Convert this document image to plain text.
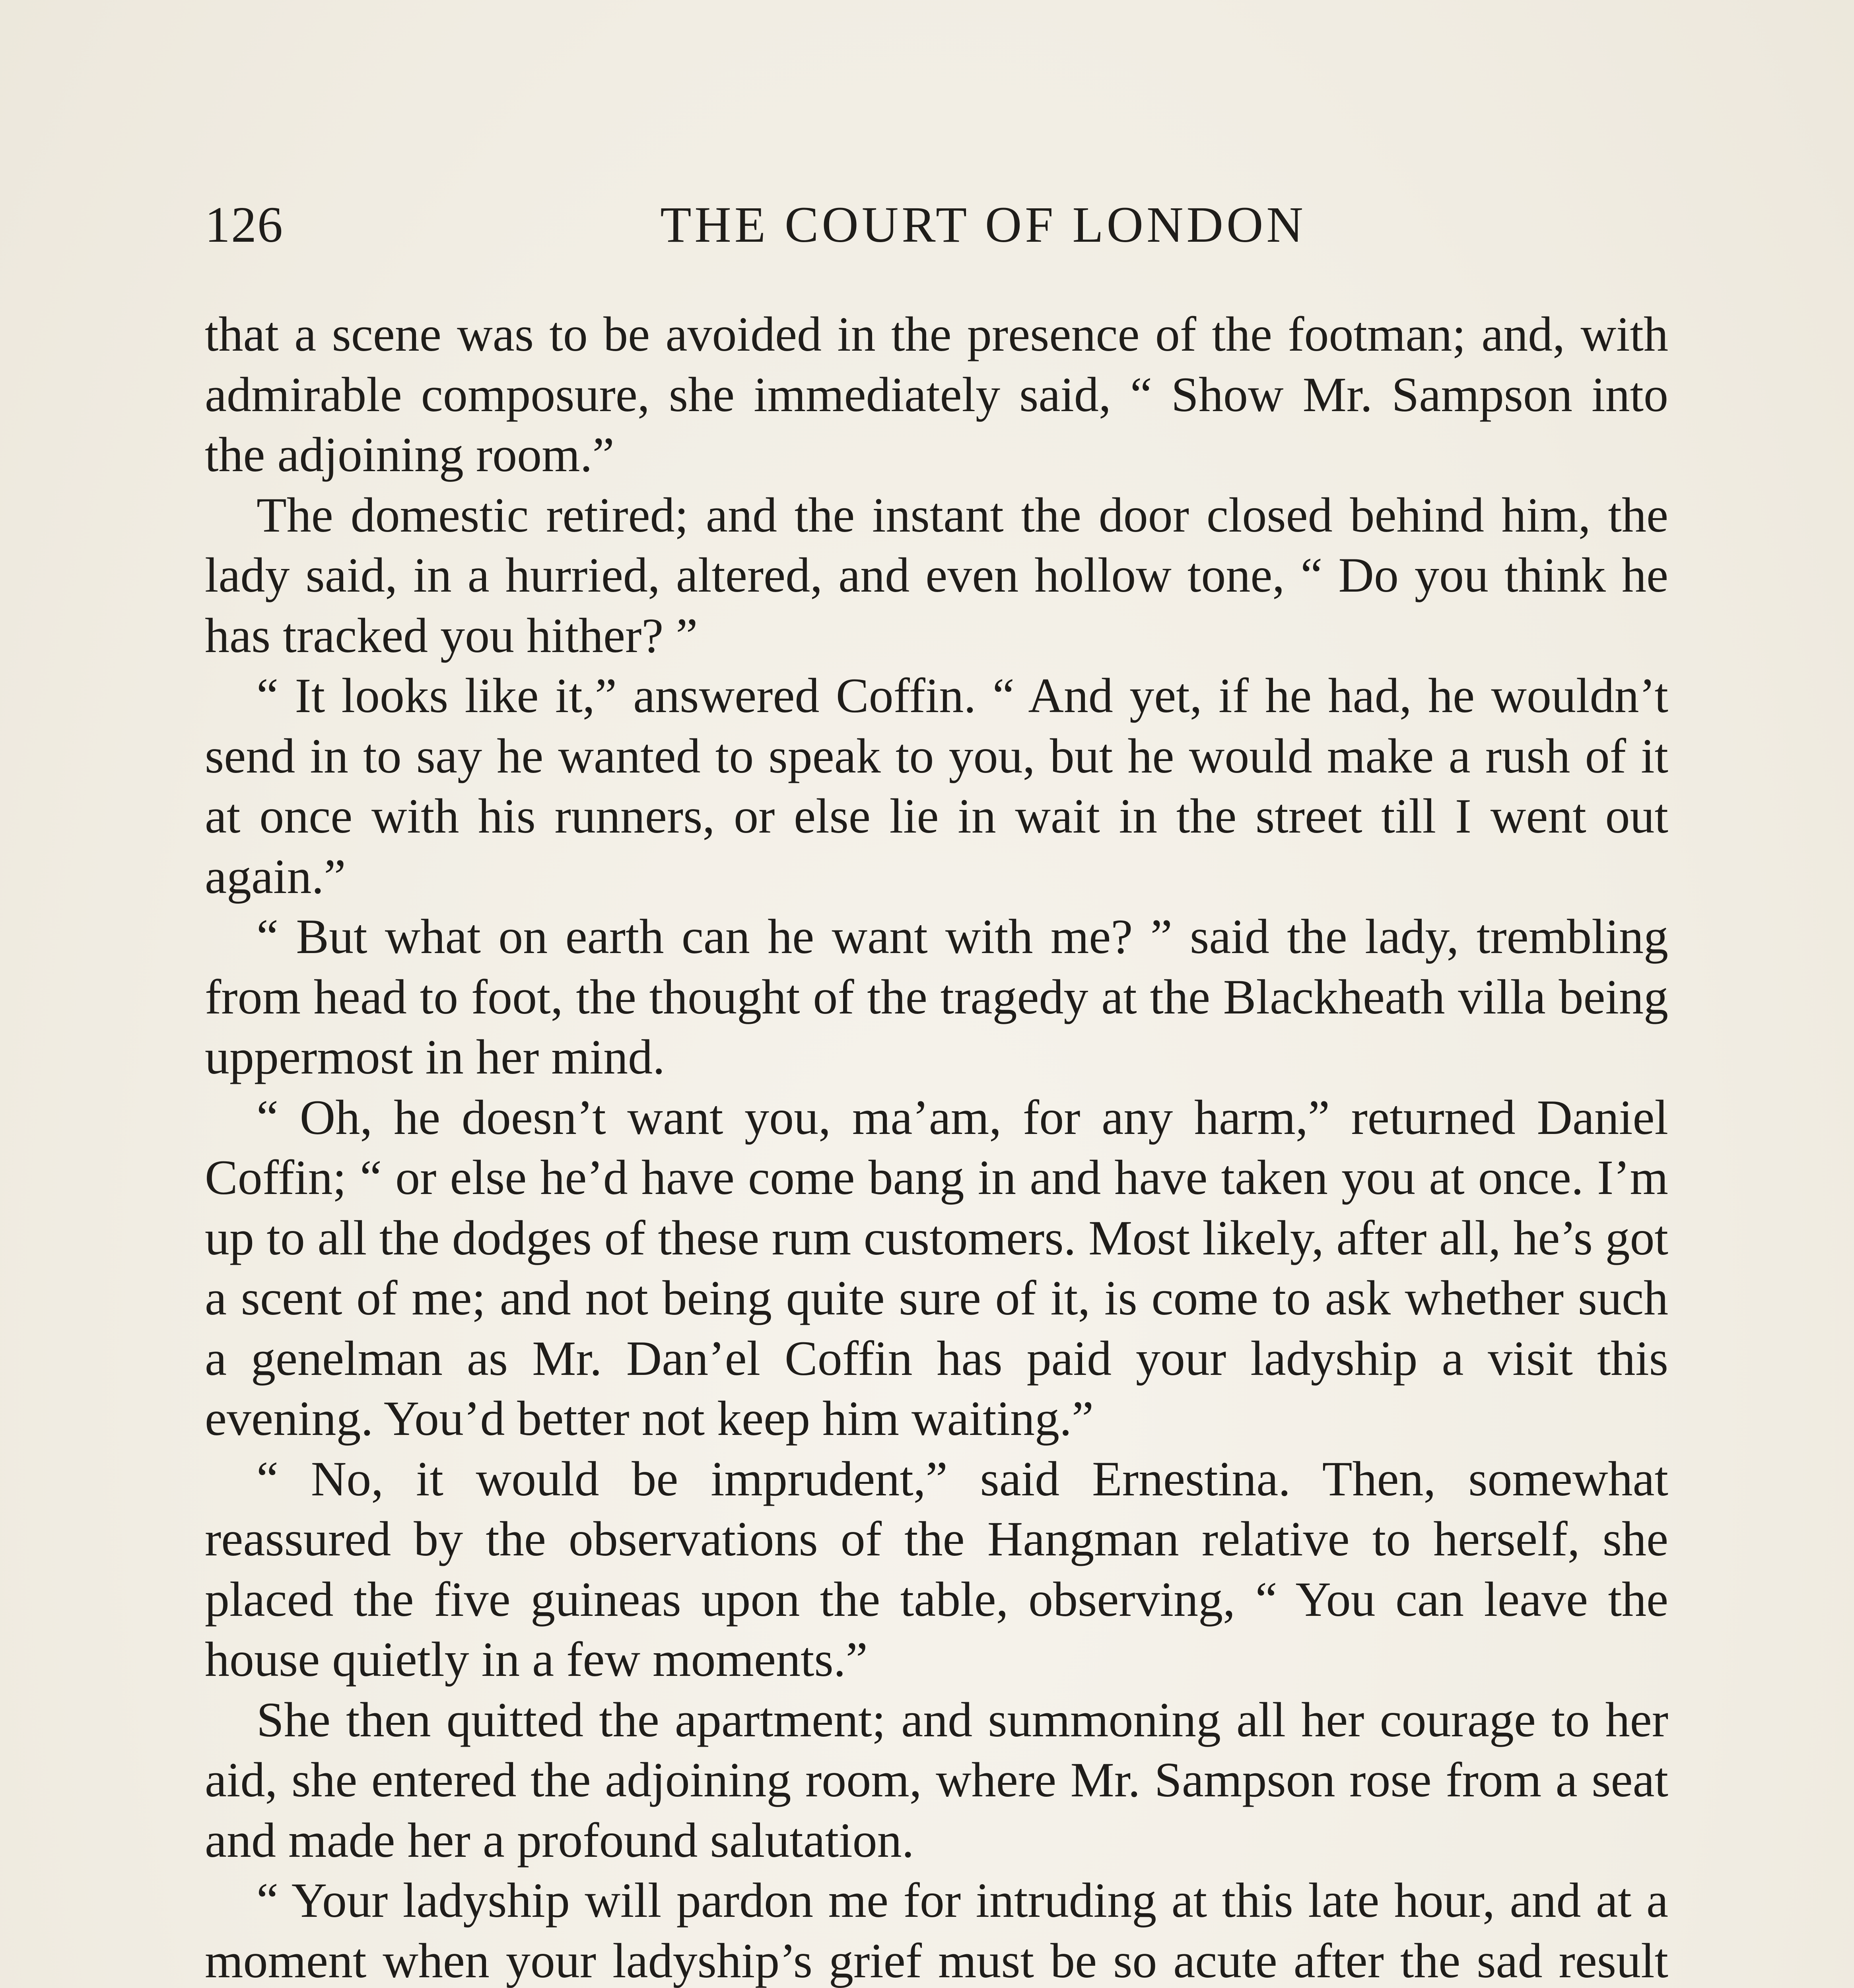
126	THE COURT OF LONDON

that a scene was to be avoided in the presence of the footman; and, with admirable composure, she immediately said, “ Show Mr. Sampson into the adjoining room.”

The domestic retired; and the instant the door closed behind him, the lady said, in a hurried, altered, and even hollow tone, “ Do you think he has tracked you hither? ”

“ It looks like it,” answered Coffin. “ And yet, if he had, he wouldn’t send in to say he wanted to speak to you, but he would make a rush of it at once with his runners, or else lie in wait in the street till I went out again.”

“ But what on earth can he want with me? ” said the lady, trembling from head to foot, the thought of the tragedy at the Blackheath villa being uppermost in her mind.

“ Oh, he doesn’t want you, ma’am, for any harm,” returned Daniel Coffin; “ or else he’d have come bang in and have taken you at once. I’m up to all the dodges of these rum customers. Most likely, after all, he’s got a scent of me; and not being quite sure of it, is come to ask whether such a genelman as Mr. Dan’el Coffin has paid your ladyship a visit this evening. You’d better not keep him waiting.”

“ No, it would be imprudent,” said Ernestina. Then, somewhat reassured by the observations of the Hangman relative to herself, she placed the five guineas upon the table, observing, “ You can leave the house quietly in a few moments.”

She then quitted the apartment; and summoning all her courage to her aid, she entered the adjoining room, where Mr. Sampson rose from a seat and made her a profound salutation.

“ Your ladyship will pardon me for intruding at this late hour, and at a moment when your ladyship’s grief must be so acute after the sad result
